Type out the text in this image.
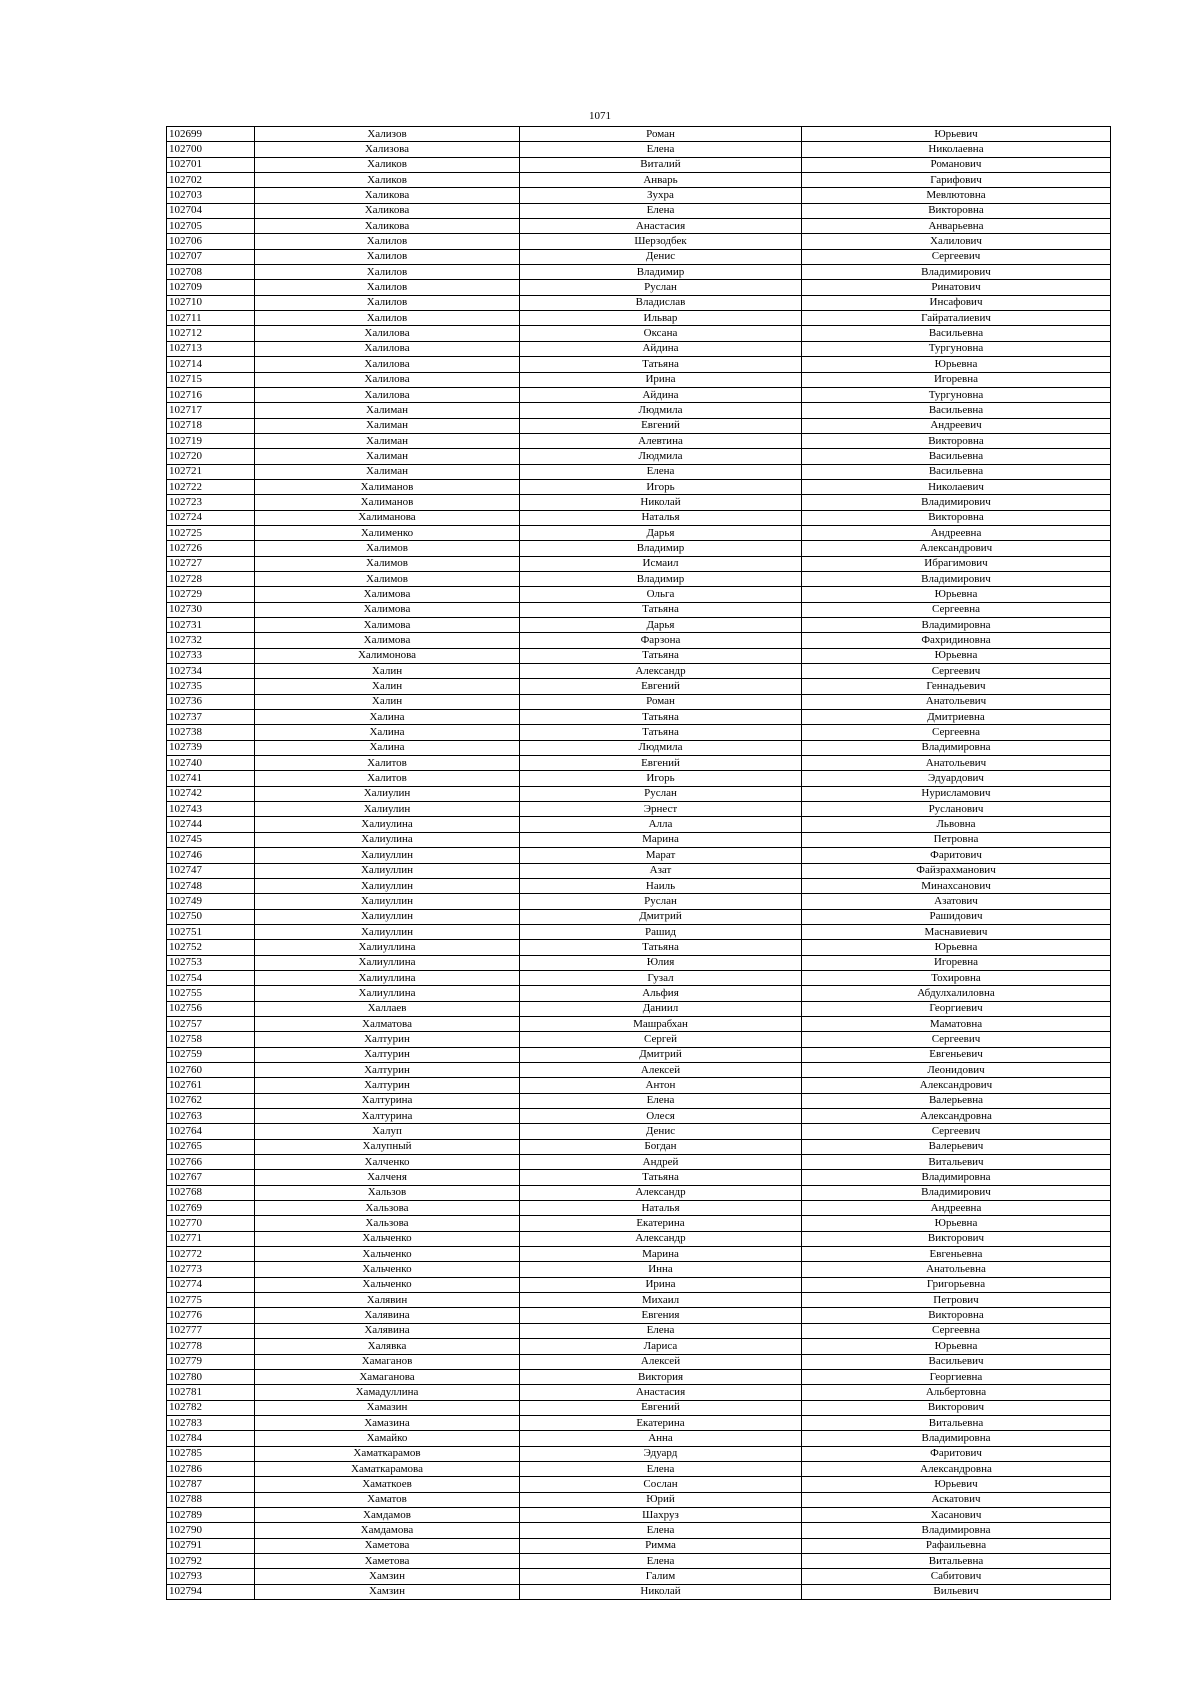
1071
102699	Хализов	Роман	Юрьевич
102700	Хализова	Елена	Николаевна
102701	Халиков	Виталий	Романович
102702	Халиков	Анварь	Гарифович
102703	Халикова	Зухра	Мевлютовна
102704	Халикова	Елена	Викторовна
102705	Халикова	Анастасия	Анварьевна
102706	Халилов	Шерзодбек	Халилович
102707	Халилов	Денис	Сергеевич
102708	Халилов	Владимир	Владимирович
102709	Халилов	Руслан	Ринатович
102710	Халилов	Владислав	Инсафович
102711	Халилов	Ильвар	Гайраталиевич
102712	Халилова	Оксана	Васильевна
102713	Халилова	Айдина	Тургуновна
102714	Халилова	Татьяна	Юрьевна
102715	Халилова	Ирина	Игоревна
102716	Халилова	Айдина	Тургуновна
102717	Халиман	Людмила	Васильевна
102718	Халиман	Евгений	Андреевич
102719	Халиман	Алевтина	Викторовна
102720	Халиман	Людмила	Васильевна
102721	Халиман	Елена	Васильевна
102722	Халиманов	Игорь	Николаевич
102723	Халиманов	Николай	Владимирович
102724	Халиманова	Наталья	Викторовна
102725	Халименко	Дарья	Андреевна
102726	Халимов	Владимир	Александрович
102727	Халимов	Исмаил	Ибрагимович
102728	Халимов	Владимир	Владимирович
102729	Халимова	Ольга	Юрьевна
102730	Халимова	Татьяна	Сергеевна
102731	Халимова	Дарья	Владимировна
102732	Халимова	Фарзона	Фахридиновна
102733	Халимонова	Татьяна	Юрьевна
102734	Халин	Александр	Сергеевич
102735	Халин	Евгений	Геннадьевич
102736	Халин	Роман	Анатольевич
102737	Халина	Татьяна	Дмитриевна
102738	Халина	Татьяна	Сергеевна
102739	Халина	Людмила	Владимировна
102740	Халитов	Евгений	Анатольевич
102741	Халитов	Игорь	Эдуардович
102742	Халиулин	Руслан	Нурисламович
102743	Халиулин	Эрнест	Русланович
102744	Халиулина	Алла	Львовна
102745	Халиулина	Марина	Петровна
102746	Халиуллин	Марат	Фаритович
102747	Халиуллин	Азат	Файзрахманович
102748	Халиуллин	Наиль	Минахсанович
102749	Халиуллин	Руслан	Азатович
102750	Халиуллин	Дмитрий	Рашидович
102751	Халиуллин	Рашид	Маснавиевич
102752	Халиуллина	Татьяна	Юрьевна
102753	Халиуллина	Юлия	Игоревна
102754	Халиуллина	Гузал	Тохировна
102755	Халиуллина	Альфия	Абдулхалиловна
102756	Халлаев	Даниил	Георгиевич
102757	Халматова	Машрабхан	Маматовна
102758	Халтурин	Сергей	Сергеевич
102759	Халтурин	Дмитрий	Евгеньевич
102760	Халтурин	Алексей	Леонидович
102761	Халтурин	Антон	Александрович
102762	Халтурина	Елена	Валерьевна
102763	Халтурина	Олеся	Александровна
102764	Халуп	Денис	Сергеевич
102765	Халупный	Богдан	Валерьевич
102766	Халченко	Андрей	Витальевич
102767	Халченя	Татьяна	Владимировна
102768	Хальзов	Александр	Владимирович
102769	Хальзова	Наталья	Андреевна
102770	Хальзова	Екатерина	Юрьевна
102771	Хальченко	Александр	Викторович
102772	Хальченко	Марина	Евгеньевна
102773	Хальченко	Инна	Анатольевна
102774	Хальченко	Ирина	Григорьевна
102775	Халявин	Михаил	Петрович
102776	Халявина	Евгения	Викторовна
102777	Халявина	Елена	Сергеевна
102778	Халявка	Лариса	Юрьевна
102779	Хамаганов	Алексей	Васильевич
102780	Хамаганова	Виктория	Георгиевна
102781	Хамадуллина	Анастасия	Альбертовна
102782	Хамазин	Евгений	Викторович
102783	Хамазина	Екатерина	Витальевна
102784	Хамайко	Анна	Владимировна
102785	Хаматкарамов	Эдуард	Фаритович
102786	Хаматкарамова	Елена	Александровна
102787	Хаматкоев	Сослан	Юрьевич
102788	Хаматов	Юрий	Аскатович
102789	Хамдамов	Шахруз	Хасанович
102790	Хамдамова	Елена	Владимировна
102791	Хаметова	Римма	Рафаильевна
102792	Хаметова	Елена	Витальевна
102793	Хамзин	Галим	Сабитович
102794	Хамзин	Николай	Вильевич
